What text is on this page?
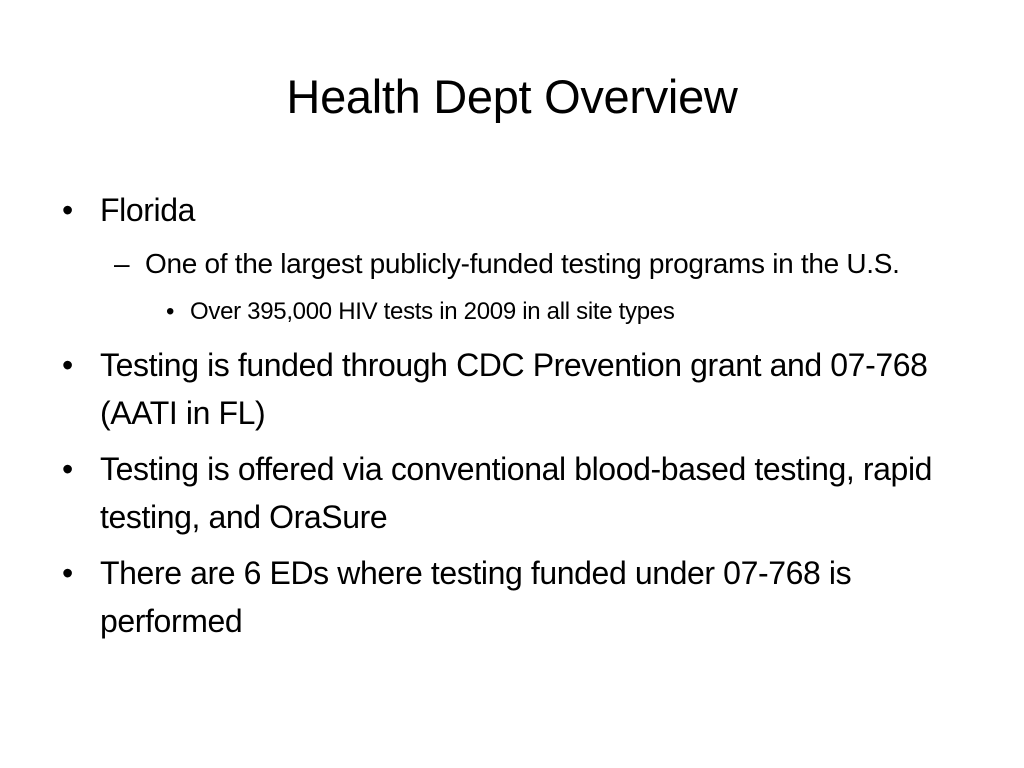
Health Dept Overview
• Florida
– One of the largest publicly-funded testing programs in the U.S.
• Over 395,000 HIV tests in 2009 in all site types
• Testing is funded through CDC Prevention grant and 07-768 (AATI in FL)
• Testing is offered via conventional blood-based testing, rapid testing, and OraSure
• There are 6 EDs where testing funded under 07-768 is performed
